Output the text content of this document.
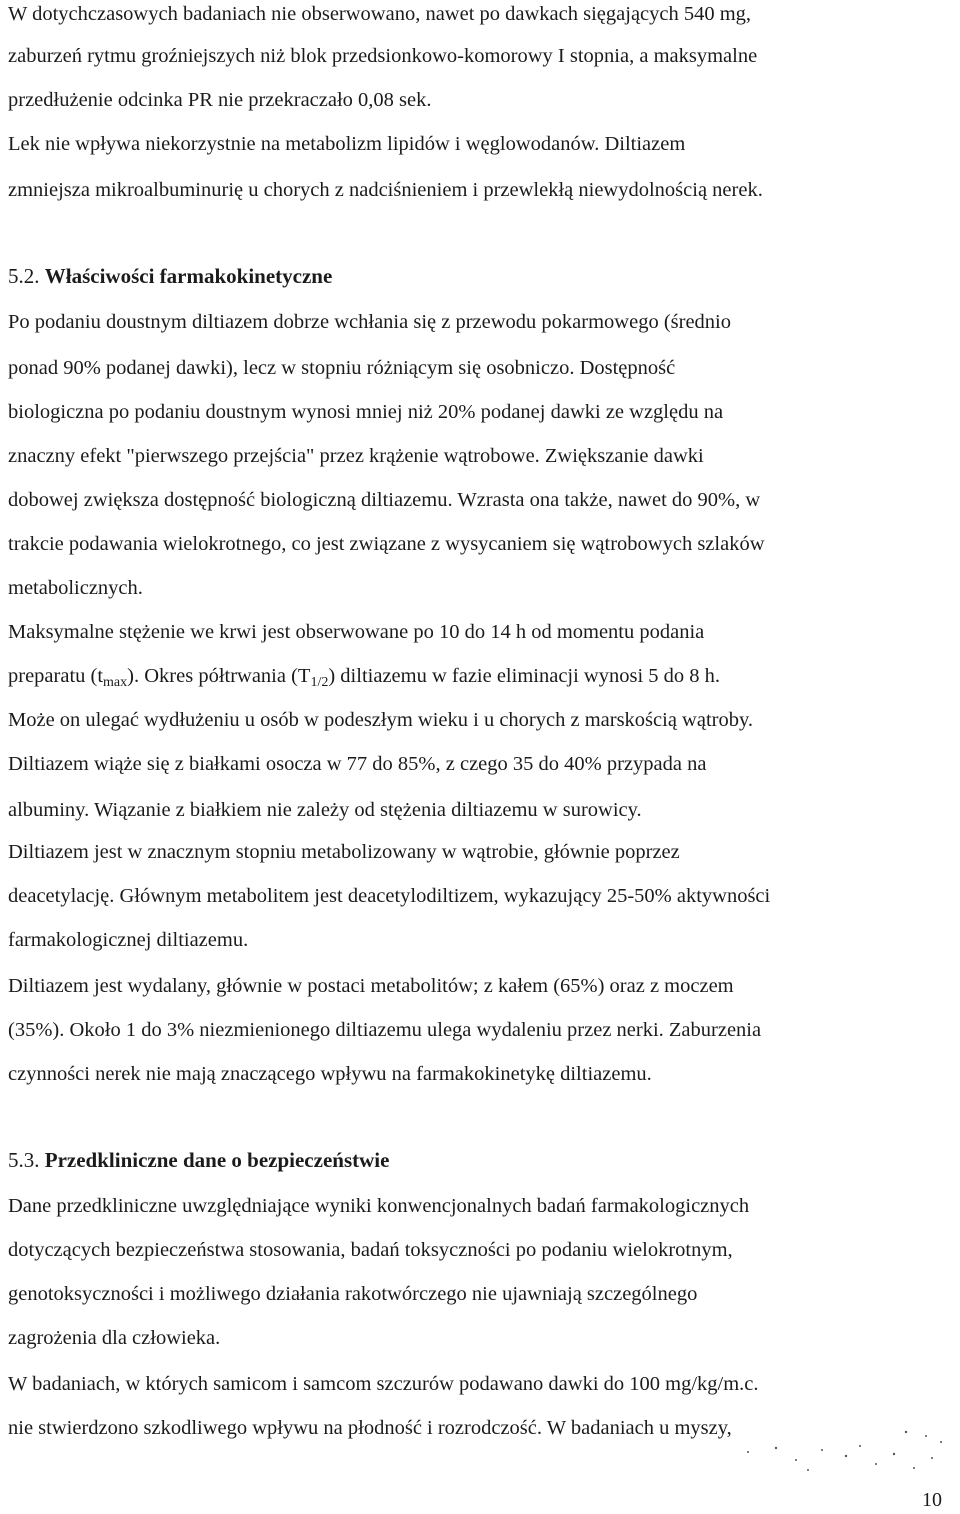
W dotychczasowych badaniach nie obserwowano, nawet po dawkach sięgających 540 mg,
zaburzeń rytmu groźniejszych niż blok przedsionkowo-komorowy I stopnia, a maksymalne
przedłużenie odcinka PR nie przekraczało 0,08 sek.
Lek nie wpływa niekorzystnie na metabolizm lipidów i węglowodanów. Diltiazem
zmniejsza mikroalbuminurię u chorych z nadciśnieniem i przewlekłą niewydolnością nerek.
5.2. Właściwości farmakokinetyczne
Po podaniu doustnym diltiazem dobrze wchłania się z przewodu pokarmowego (średnio
ponad 90% podanej dawki), lecz w stopniu różniącym się osobniczo. Dostępność
biologiczna po podaniu doustnym wynosi mniej niż 20% podanej dawki ze względu na
znaczny efekt "pierwszego przejścia" przez krążenie wątrobowe. Zwiększanie dawki
dobowej zwiększa dostępność biologiczną diltiazemu. Wzrasta ona także, nawet do 90%, w
trakcie podawania wielokrotnego, co jest związane z wysycaniem się wątrobowych szlaków
metabolicznych.
Maksymalne stężenie we krwi jest obserwowane po 10 do 14 h od momentu podania
preparatu $(t_{max})$. Okres półtrwania $(T_{1/2})$ diltiazemu w fazie eliminacji wynosi 5 do 8 h.
Może on ulegać wydłużeniu u osób w podeszłym wieku i u chorych z marskością wątroby.
Diltiazem wiąże się z białkami osocza w 77 do 85%, z czego 35 do 40% przypada na
albuminy. Wiązanie z białkiem nie zależy od stężenia diltiazemu w surowicy.
Diltiazem jest w znacznym stopniu metabolizowany w wątrobie, głównie poprzez
deacetylację. Głównym metabolitem jest deacetylodiltizem, wykazujący 25-50% aktywności
farmakologicznej diltiazemu.
Diltiazem jest wydalany, głównie w postaci metabolitów; z kałem (65%) oraz z moczem
(35%). Około 1 do 3% niezmienionego diltiazemu ulega wydaleniu przez nerki. Zaburzenia
czynności nerek nie mają znaczącego wpływu na farmakokinetykę diltiazemu.
5.3. Przedkliniczne dane o bezpieczeństwie
Dane przedkliniczne uwzględniające wyniki konwencjonalnych badań farmakologicznych
dotyczących bezpieczeństwa stosowania, badań toksyczności po podaniu wielokrotnym,
genotoksyczności i możliwego działania rakotwórczego nie ujawniają szczególnego
zagrożenia dla człowieka.
W badaniach, w których samicom i samcom szczurów podawano dawki do 100 mg/kg/m.c.
nie stwierdzono szkodliwego wpływu na płodność i rozrodczość. W badaniach u myszy,
10
